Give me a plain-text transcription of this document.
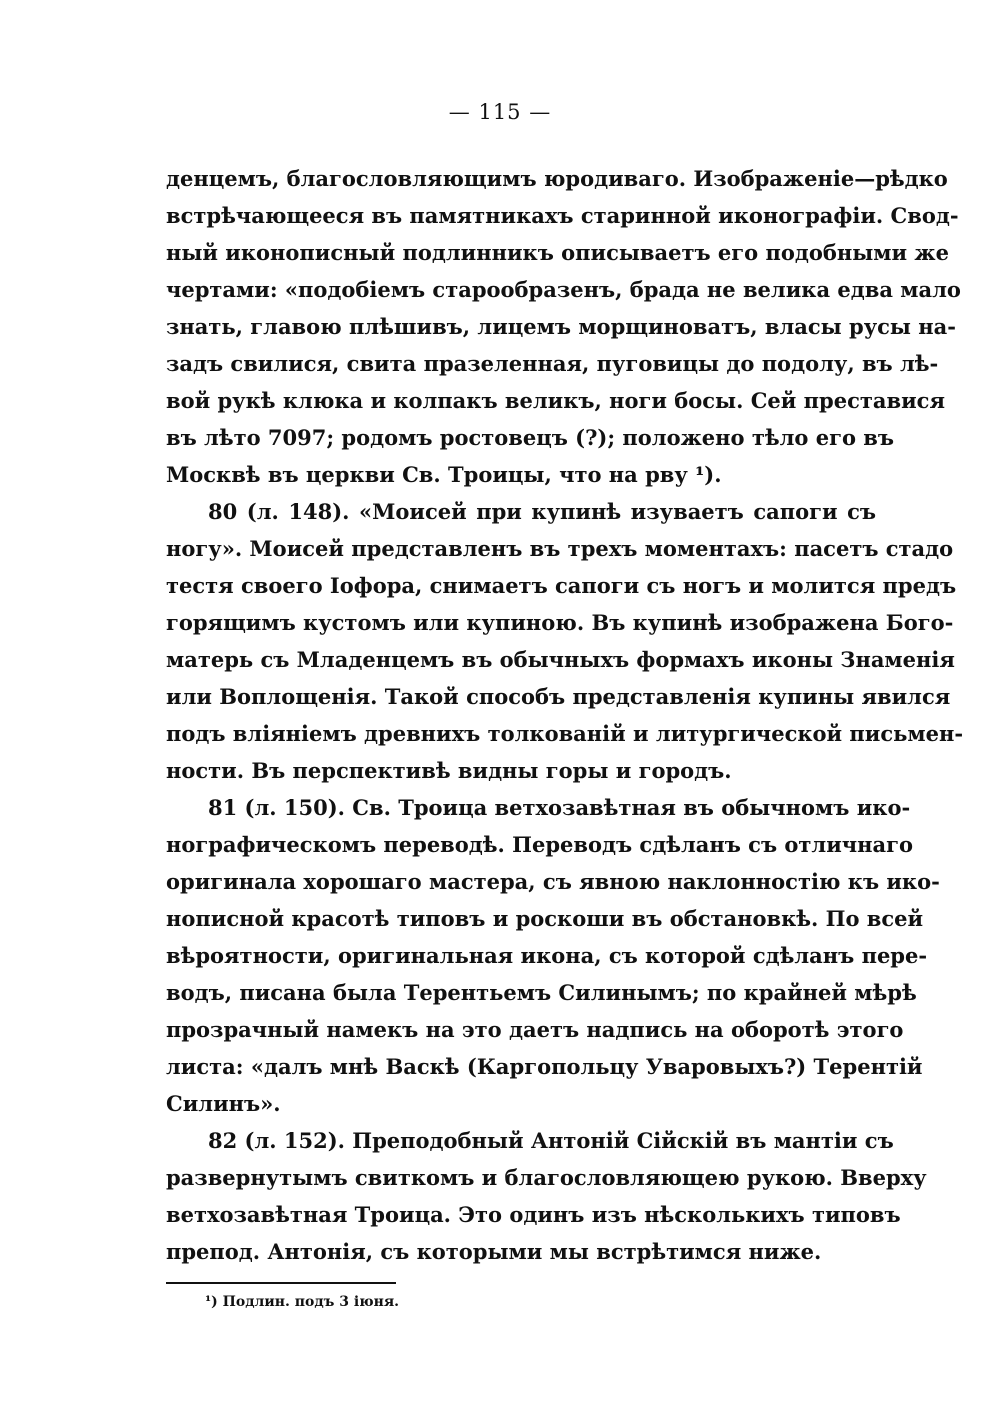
— 115 —
денцемъ, благословляющимъ юродиваго. Изображеніе—рѣдко
встрѣчающееся въ памятникахъ старинной иконографіи. Свод-
ный иконописный подлинникъ описываетъ его подобными же
чертами: «подобіемъ старообразенъ, брада не велика едва мало
знать, главою плѣшивъ, лицемъ морщиноватъ, власы русы на-
задъ свилися, свита празеленная, пуговицы до подолу, въ лѣ-
вой рукѣ клюка и колпакъ великъ, ноги босы. Сей преставися
въ лѣто 7097; родомъ ростовецъ (?); положено тѣло его въ
Москвѣ въ церкви Св. Троицы, что на рву ¹).
80 (л. 148). «Моисей при купинѣ изуваетъ сапоги съ
ногу». Моисей представленъ въ трехъ моментахъ: пасетъ стадо
тестя своего Іофора, снимаетъ сапоги съ ногъ и молится предъ
горящимъ кустомъ или купиною. Въ купинѣ изображена Бого-
матерь съ Младенцемъ въ обычныхъ формахъ иконы Знаменія
или Воплощенія. Такой способъ представленія купины явился
подъ вліяніемъ древнихъ толкованій и литургической письмен-
ности. Въ перспективѣ видны горы и городъ.
81 (л. 150). Св. Троица ветхозавѣтная въ обычномъ ико-
нографическомъ переводѣ. Переводъ сдѣланъ съ отличнаго
оригинала хорошаго мастера, съ явною наклонностію къ ико-
нописной красотѣ типовъ и роскоши въ обстановкѣ. По всей
вѣроятности, оригинальная икона, съ которой сдѣланъ пере-
водъ, писана была Терентьемъ Силинымъ; по крайней мѣрѣ
прозрачный намекъ на это даетъ надпись на оборотѣ этого
листа: «далъ мнѣ Васкѣ (Каргопольцу Уваровыхъ?) Терентій
Силинъ».
82 (л. 152). Преподобный Антоній Сійскій въ мантіи съ
развернутымъ свиткомъ и благословляющею рукою. Вверху
ветхозавѣтная Троица. Это одинъ изъ нѣсколькихъ типовъ
препод. Антонія, съ которыми мы встрѣтимся ниже.
¹) Подлин. подъ 3 іюня.
